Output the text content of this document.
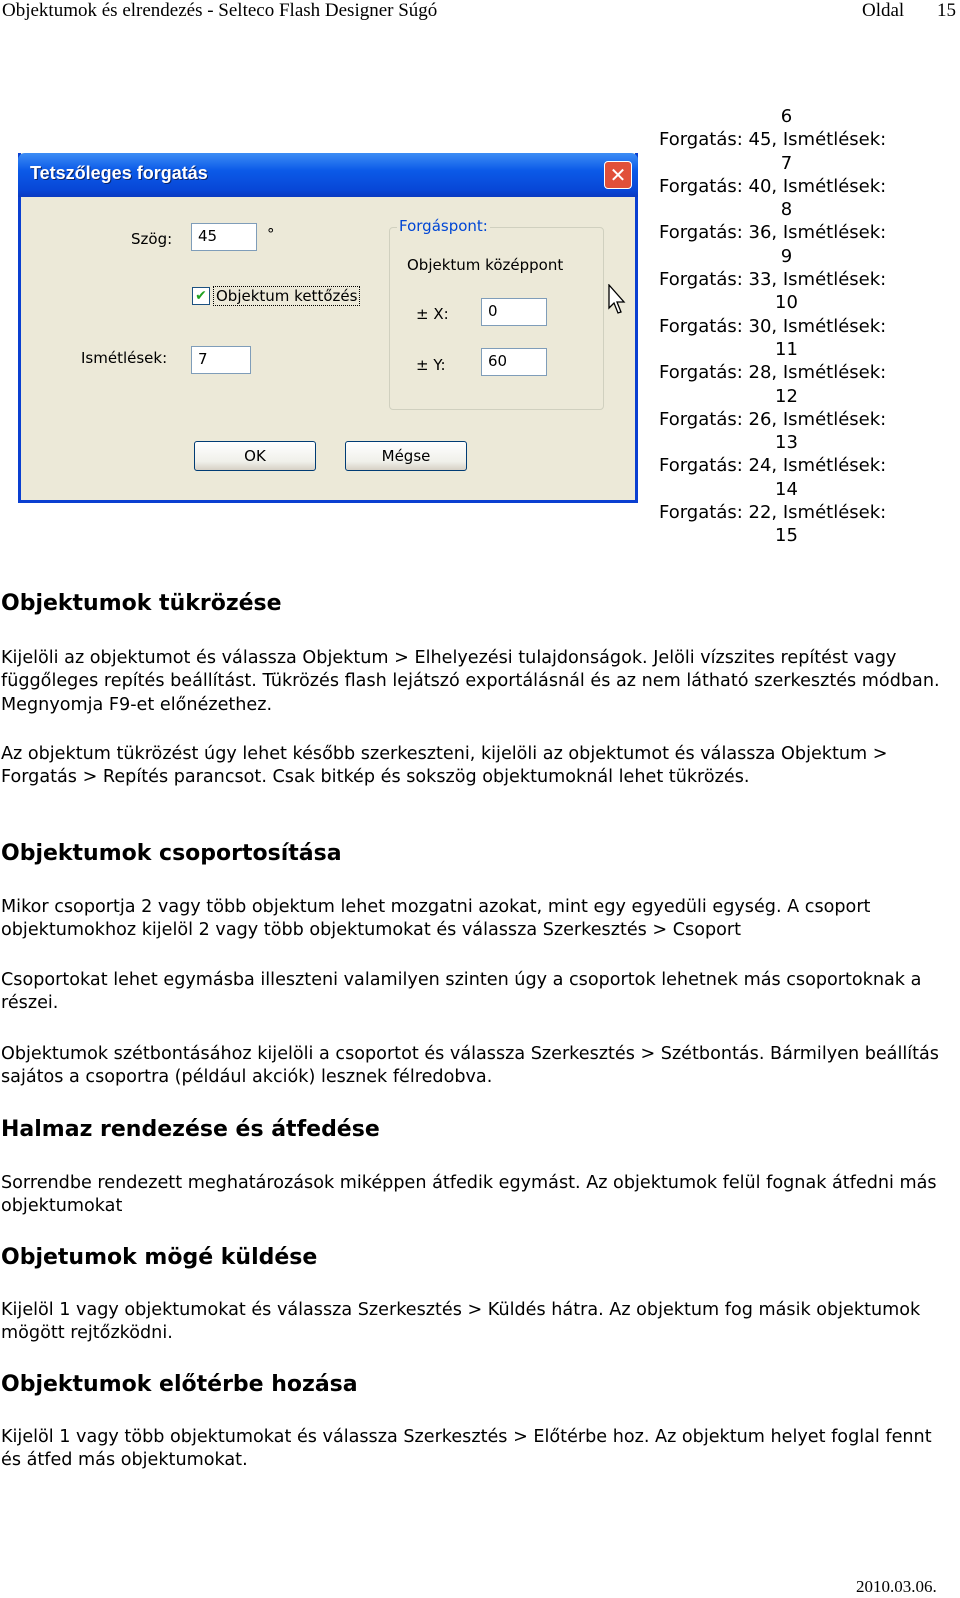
Objektumok és elrendezés - Selteco Flash Designer Súgó	Oldal 15
Tetszőleges forgatás	✕
Szög:	45	°
✔ Objektum kettőzés
Ismétlések:	7
Forgáspont:
Objektum középpont
± X:	0
± Y:	60
OK	Mégse
6
Forgatás: 45, Ismétlések:
7
Forgatás: 40, Ismétlések:
8
Forgatás: 36, Ismétlések:
9
Forgatás: 33, Ismétlések:
10
Forgatás: 30, Ismétlések:
11
Forgatás: 28, Ismétlések:
12
Forgatás: 26, Ismétlések:
13
Forgatás: 24, Ismétlések:
14
Forgatás: 22, Ismétlések:
15
Objektumok tükrözése

Kijelöli az objektumot és válassza Objektum > Elhelyezési tulajdonságok. Jelöli vízszites repítést vagy függőleges repítés beállítást. Tükrözés flash lejátszó exportálásnál és az nem látható szerkesztés módban. Megnyomja F9-et előnézethez.

Az objektum tükrözést úgy lehet később szerkeszteni, kijelöli az objektumot és válassza Objektum > Forgatás > Repítés parancsot. Csak bitkép és sokszög objektumoknál lehet tükrözés.

Objektumok csoportosítása

Mikor csoportja 2 vagy több objektum lehet mozgatni azokat, mint egy egyedüli egység. A csoport objektumokhoz kijelöl 2 vagy több objektumokat és válassza Szerkesztés > Csoport

Csoportokat lehet egymásba illeszteni valamilyen szinten úgy a csoportok lehetnek más csoportoknak a részei.

Objektumok szétbontásához kijelöli a csoportot és válassza Szerkesztés > Szétbontás. Bármilyen beállítás sajátos a csoportra (például akciók) lesznek félredobva.

Halmaz rendezése és átfedése

Sorrendbe rendezett meghatározások miképpen átfedik egymást. Az objektumok felül fognak átfedni más objektumokat

Objetumok mögé küldése

Kijelöl 1 vagy objektumokat és válassza Szerkesztés > Küldés hátra. Az objektum fog másik objektumok mögött rejtőzködni.

Objektumok előtérbe hozása

Kijelöl 1 vagy több objektumokat és válassza Szerkesztés > Előtérbe hoz. Az objektum helyet foglal fennt és átfed más objektumokat.

2010.03.06.
